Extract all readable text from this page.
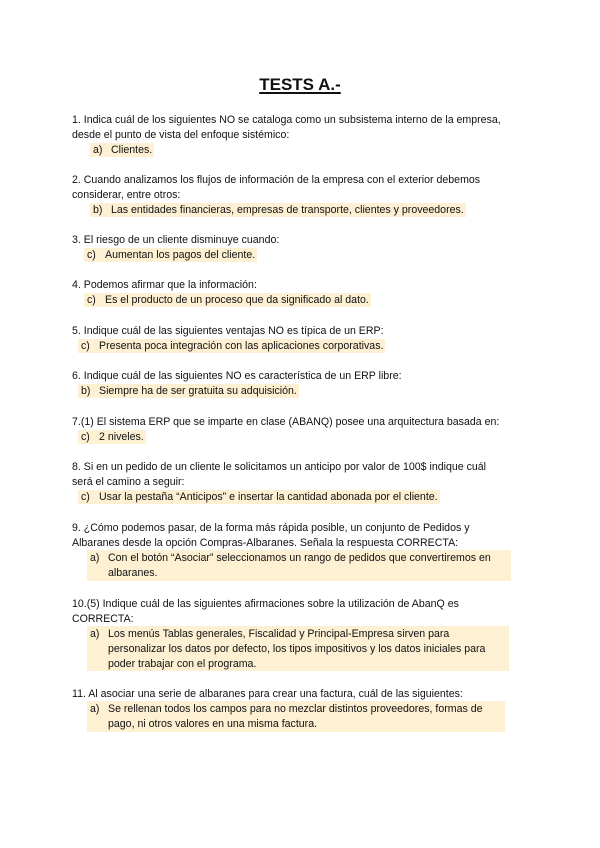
TESTS A.-
1. Indica cuál de los siguientes NO se cataloga como un subsistema interno de la empresa,
desde el punto de vista del enfoque sistémico:
a) Clientes.
2. Cuando analizamos los flujos de información de la empresa con el exterior debemos
considerar, entre otros:
b) Las entidades financieras, empresas de transporte, clientes y proveedores.
3. El riesgo de un cliente disminuye cuando:
c) Aumentan los pagos del cliente.
4. Podemos afirmar que la información:
c) Es el producto de un proceso que da significado al dato.
5. Indique cuál de las siguientes ventajas NO es típica de un ERP:
c) Presenta poca integración con las aplicaciones corporativas.
6. Indique cuál de las siguientes NO es característica de un ERP libre:
b) Siempre ha de ser gratuita su adquisición.
7.(1) El sistema ERP que se imparte en clase (ABANQ) posee una arquitectura basada en:
c) 2 niveles.
8. Si en un pedido de un cliente le solicitamos un anticipo por valor de 100$ indique cuál
será el camino a seguir:
c) Usar la pestaña “Anticipos” e insertar la cantidad abonada por el cliente.
9. ¿Cómo podemos pasar, de la forma más rápida posible, un conjunto de Pedidos y
Albaranes desde la opción Compras-Albaranes. Señala la respuesta CORRECTA:
a) Con el botón “Asociar” seleccionamos un rango de pedidos que convertiremos en
albaranes.
10.(5) Indique cuál de las siguientes afirmaciones sobre la utilización de AbanQ es
CORRECTA:
a) Los menús Tablas generales, Fiscalidad y Principal-Empresa sirven para
personalizar los datos por defecto, los tipos impositivos y los datos iniciales para
poder trabajar con el programa.
11. Al asociar una serie de albaranes para crear una factura, cuál de las siguientes:
a) Se rellenan todos los campos para no mezclar distintos proveedores, formas de
pago, ni otros valores en una misma factura.
